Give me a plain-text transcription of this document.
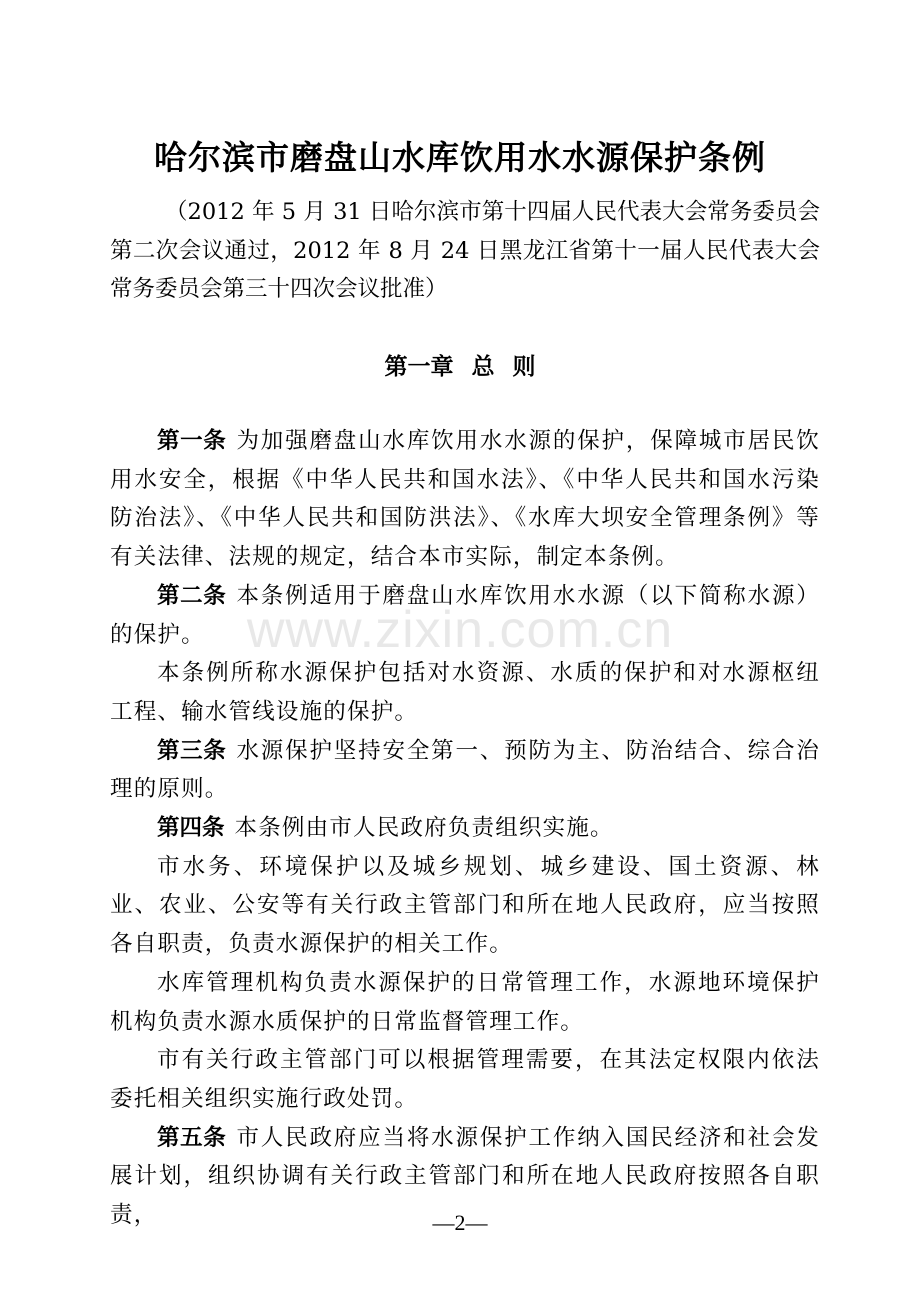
www.zixin.com.cn
哈尔滨市磨盘山水库饮用水水源保护条例
（2012 年 5 月 31 日哈尔滨市第十四届人民代表大会常务委员会第二次会议通过，2012 年 8 月 24 日黑龙江省第十一届人民代表大会常务委员会第三十四次会议批准）
第一章 总 则

第一条 为加强磨盘山水库饮用水水源的保护，保障城市居民饮用水安全，根据《中华人民共和国水法》、《中华人民共和国水污染防治法》、《中华人民共和国防洪法》、《水库大坝安全管理条例》等有关法律、法规的规定，结合本市实际，制定本条例。

第二条 本条例适用于磨盘山水库饮用水水源（以下简称水源）的保护。

本条例所称水源保护包括对水资源、水质的保护和对水源枢纽工程、输水管线设施的保护。

第三条 水源保护坚持安全第一、预防为主、防治结合、综合治理的原则。

第四条 本条例由市人民政府负责组织实施。

市水务、环境保护以及城乡规划、城乡建设、国土资源、林业、农业、公安等有关行政主管部门和所在地人民政府，应当按照各自职责，负责水源保护的相关工作。

水库管理机构负责水源保护的日常管理工作，水源地环境保护机构负责水源水质保护的日常监督管理工作。

市有关行政主管部门可以根据管理需要，在其法定权限内依法委托相关组织实施行政处罚。

第五条 市人民政府应当将水源保护工作纳入国民经济和社会发展计划，组织协调有关行政主管部门和所在地人民政府按照各自职责，	—2—
